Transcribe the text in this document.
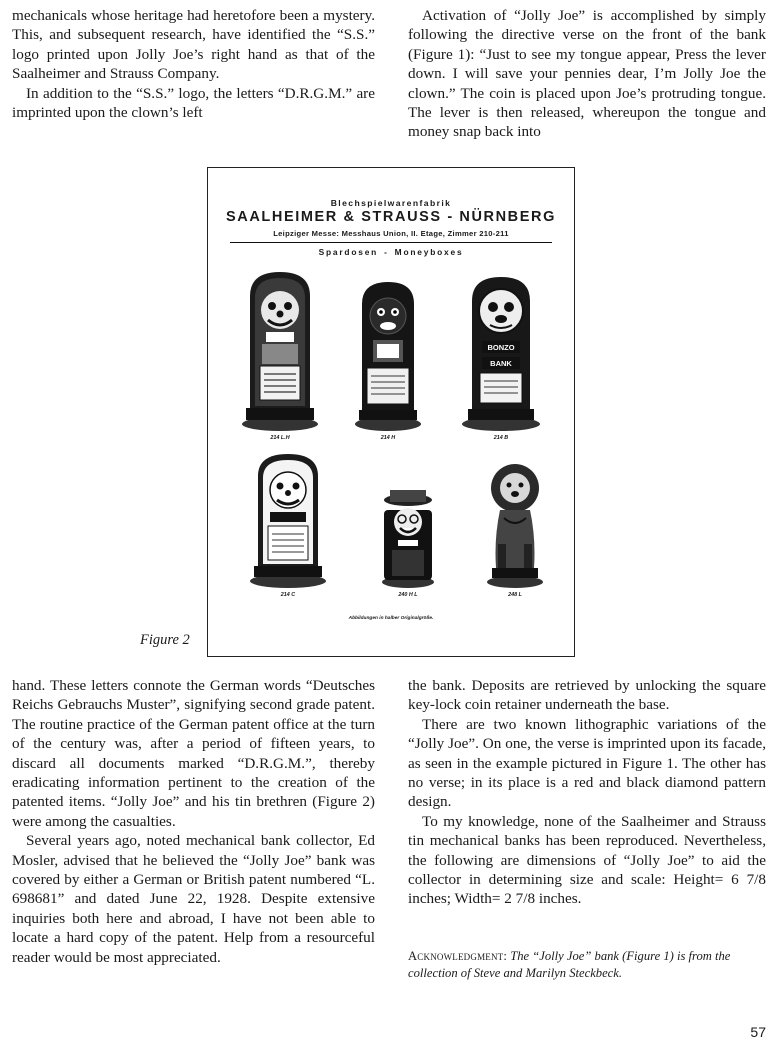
mechanicals whose heritage had heretofore been a mystery. This, and subsequent research, have identified the “S.S.” logo printed upon Jolly Joe’s right hand as that of the Saalheimer and Strauss Company.

In addition to the “S.S.” logo, the letters “D.R.G.M.” are imprinted upon the clown’s left

Activation of “Jolly Joe” is accomplished by simply following the directive verse on the front of the bank (Figure 1): “Just to see my tongue appear, Press the lever down. I will save your pennies dear, I’m Jolly Joe the clown.” The coin is placed upon Joe’s protruding tongue. The lever is then released, whereupon the tongue and money snap back into

Blechspielwarenfabrik
SAALHEIMER & STRAUSS - NÜRNBERG
Leipziger Messe: Messhaus Union, II. Etage, Zimmer 210-211
Spardosen - Moneyboxes
214 L.H	214 H
BONZO
BANK
214 B
214 C	240 H L	248 L
Abbildungen in halber Originalgröße.
Figure 2

hand. These letters connote the German words “Deutsches Reichs Gebrauchs Muster”, signifying second grade patent. The routine practice of the German patent office at the turn of the century was, after a period of fifteen years, to discard all documents marked “D.R.G.M.”, thereby eradicating information pertinent to the creation of the patented items. “Jolly Joe” and his tin brethren (Figure 2) were among the casualties.

Several years ago, noted mechanical bank collector, Ed Mosler, advised that he believed the “Jolly Joe” bank was covered by either a German or British patent numbered “L. 698681” and dated June 22, 1928. Despite extensive inquiries both here and abroad, I have not been able to locate a hard copy of the patent. Help from a resourceful reader would be most appreciated.

the bank. Deposits are retrieved by unlocking the square key-lock coin retainer underneath the base.

There are two known lithographic variations of the “Jolly Joe”. On one, the verse is imprinted upon its facade, as seen in the example pictured in Figure 1. The other has no verse; in its place is a red and black diamond pattern design.

To my knowledge, none of the Saalheimer and Strauss tin mechanical banks has been reproduced. Nevertheless, the following are dimensions of “Jolly Joe” to aid the collector in determining size and scale: Height= 6 7/8 inches; Width= 2 7/8 inches.

Acknowledgment: The “Jolly Joe” bank (Figure 1) is from the collection of Steve and Marilyn Steckbeck.
57
